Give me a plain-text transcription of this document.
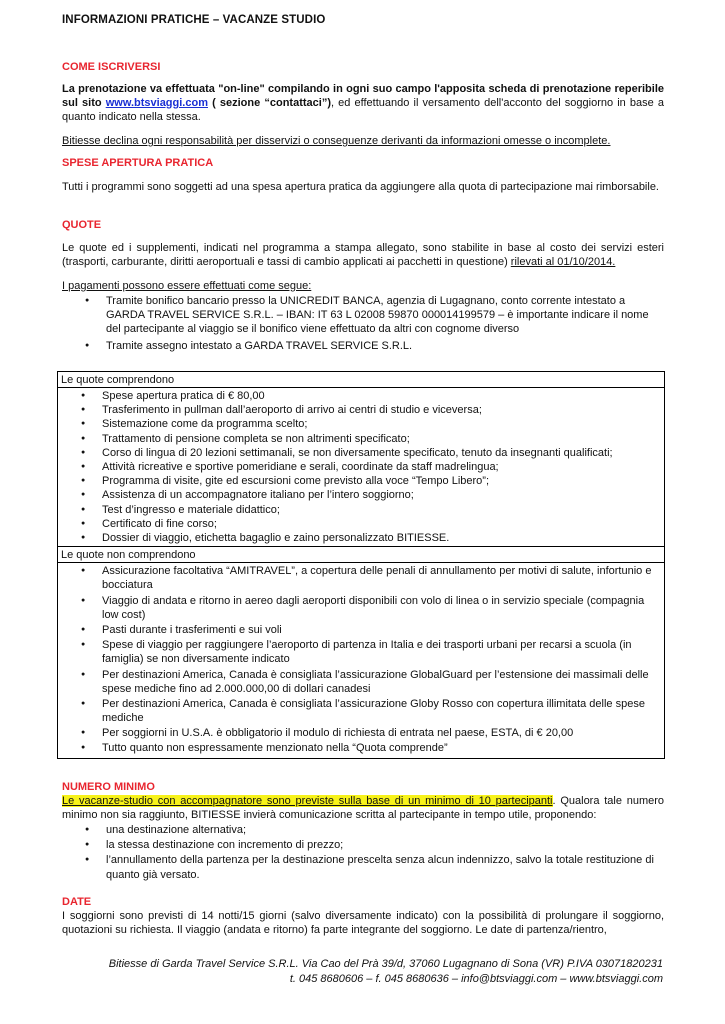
INFORMAZIONI PRATICHE – VACANZE STUDIO
COME ISCRIVERSI

La prenotazione va effettuata "on-line" compilando in ogni suo campo l'apposita scheda di prenotazione reperibile sul sito www.btsviaggi.com ( sezione “contattaci”), ed effettuando il versamento dell'acconto del soggiorno in base a quanto indicato nella stessa.

Bitiesse declina ogni responsabilità per disservizi o conseguenze derivanti da informazioni omesse o incomplete.

SPESE APERTURA PRATICA

Tutti i programmi sono soggetti ad una spesa apertura pratica da aggiungere alla quota di partecipazione mai rimborsabile.

QUOTE

Le quote ed i supplementi, indicati nel programma a stampa allegato, sono stabilite in base al costo dei servizi esteri (trasporti, carburante, diritti aeroportuali e tassi di cambio applicati ai pacchetti in questione) rilevati al 01/10/2014.

I pagamenti possono essere effettuati come segue:

● Tramite bonifico bancario presso la UNICREDIT BANCA, agenzia di Lugagnano, conto corrente intestato a GARDA TRAVEL SERVICE S.R.L. – IBAN: IT 63 L 02008 59870 000014199579 – è importante indicare il nome del partecipante al viaggio se il bonifico viene effettuato da altri con cognome diverso
● Tramite assegno intestato a GARDA TRAVEL SERVICE S.R.L.
Le quote comprendono

● Spese apertura pratica di € 80,00
● Trasferimento in pullman dall’aeroporto di arrivo ai centri di studio e viceversa;
● Sistemazione come da programma scelto;
● Trattamento di pensione completa se non altrimenti specificato;
● Corso di lingua di 20 lezioni settimanali, se non diversamente specificato, tenuto da insegnanti qualificati;
● Attività ricreative e sportive pomeridiane e serali, coordinate da staff madrelingua;
● Programma di visite, gite ed escursioni come previsto alla voce “Tempo Libero”;
● Assistenza di un accompagnatore italiano per l’intero soggiorno;
● Test d’ingresso e materiale didattico;
● Certificato di fine corso;
● Dossier di viaggio, etichetta bagaglio e zaino personalizzato BITIESSE.

Le quote non comprendono

● Assicurazione facoltativa “AMITRAVEL”, a copertura delle penali di annullamento per motivi di salute, infortunio e bocciatura
● Viaggio di andata e ritorno in aereo dagli aeroporti disponibili con volo di linea o in servizio speciale (compagnia low cost)
● Pasti durante i trasferimenti e sui voli
● Spese di viaggio per raggiungere l’aeroporto di partenza in Italia e dei trasporti urbani per recarsi a scuola (in famiglia) se non diversamente indicato
● Per destinazioni America, Canada è consigliata l’assicurazione GlobalGuard per l’estensione dei massimali delle spese mediche fino ad 2.000.000,00 di dollari canadesi
● Per destinazioni America, Canada è consigliata l’assicurazione Globy Rosso con copertura illimitata delle spese mediche
● Per soggiorni in U.S.A. è obbligatorio il modulo di richiesta di entrata nel paese, ESTA, di € 20,00
● Tutto quanto non espressamente menzionato nella “Quota comprende”
NUMERO MINIMO

Le vacanze-studio con accompagnatore sono previste sulla base di un minimo di 10 partecipanti. Qualora tale numero minimo non sia raggiunto, BITIESSE invierà comunicazione scritta al partecipante in tempo utile, proponendo:

● una destinazione alternativa;
● la stessa destinazione con incremento di prezzo;
● l’annullamento della partenza per la destinazione prescelta senza alcun indennizzo, salvo la totale restituzione di quanto già versato.
DATE

I soggiorni sono previsti di 14 notti/15 giorni (salvo diversamente indicato) con la possibilità di prolungare il soggiorno, quotazioni su richiesta. Il viaggio (andata e ritorno) fa parte integrante del soggiorno. Le date di partenza/rientro,

Bitiesse di Garda Travel Service S.R.L. Via Cao del Prà 39/d, 37060 Lugagnano di Sona (VR) P.IVA 03071820231
t. 045 8680606 – f. 045 8680636 – info@btsviaggi.com – www.btsviaggi.com
